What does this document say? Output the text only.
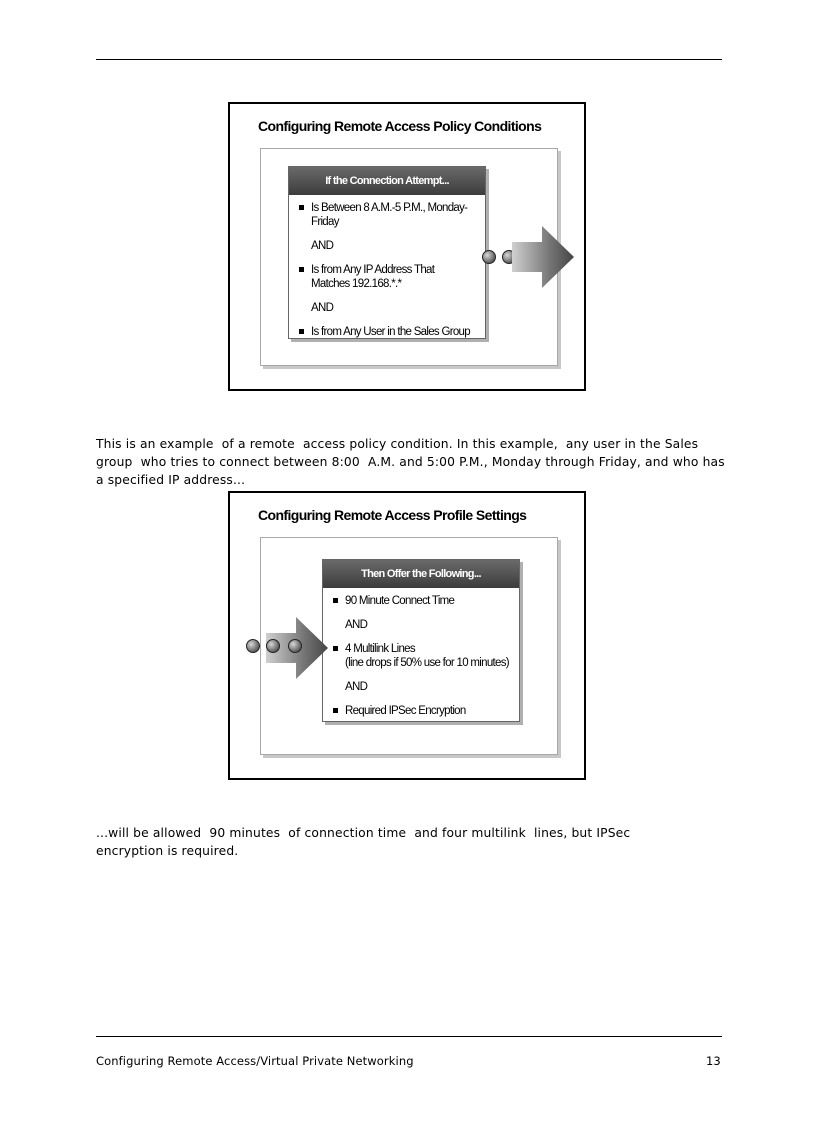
Configuring Remote Access Policy Conditions
If the Connection Attempt...
Is Between 8 A.M.-5 P.M., Monday-Friday
AND
Is from Any IP Address That Matches 192.168.*.*
AND
Is from Any User in the Sales Group
This is an example  of a remote  access policy condition. In this example,  any user in the Sales group  who tries to connect between 8:00  A.M. and 5:00 P.M., Monday through Friday, and who has a specified IP address...
Configuring Remote Access Profile Settings
Then Offer the Following...
90 Minute Connect Time
AND
4 Multilink Lines
(line drops if 50% use for 10 minutes)
AND
Required IPSec Encryption
...will be allowed  90 minutes  of connection time  and four multilink  lines, but IPSec encryption is required.
Configuring Remote Access/Virtual Private Networking	13
